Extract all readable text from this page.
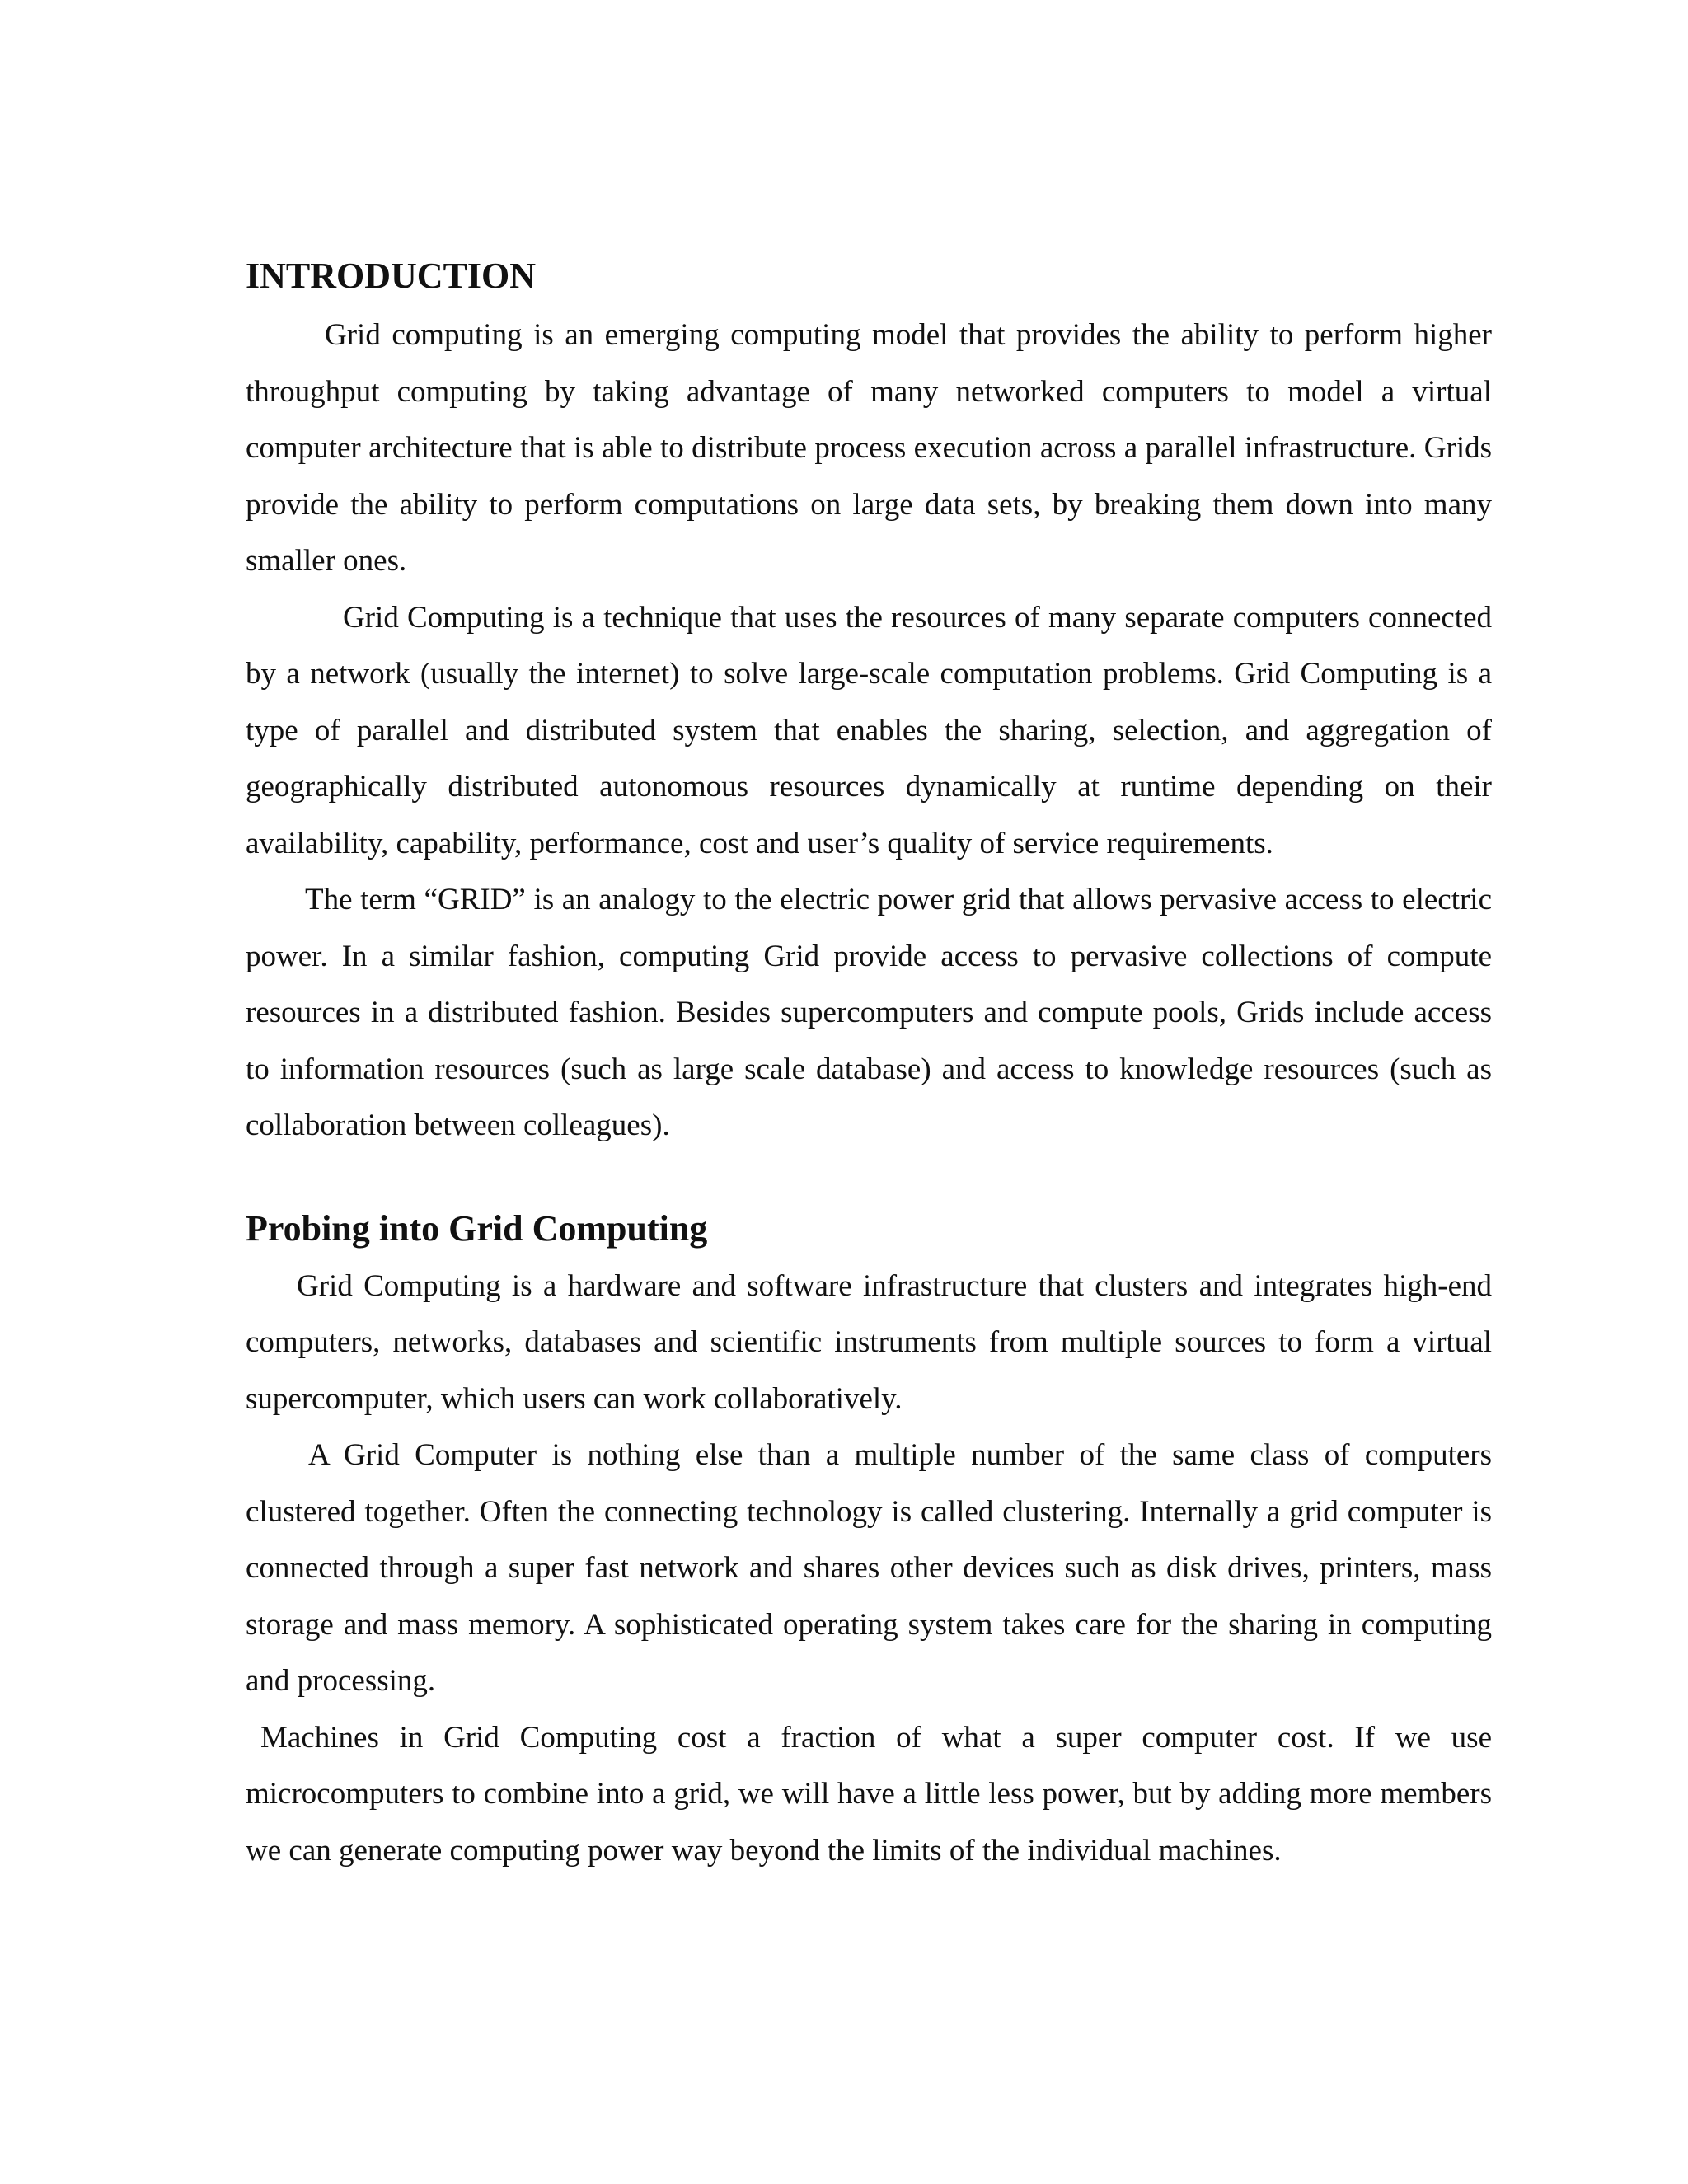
INTRODUCTION

Grid computing is an emerging computing model that provides the ability to perform higher throughput computing by taking advantage of many networked computers to model a virtual computer architecture that is able to distribute process execution across a parallel infrastructure. Grids provide the ability to perform computations on large data sets, by breaking them down into many smaller ones.

Grid Computing is a technique that uses the resources of many separate computers connected by a network (usually the internet) to solve large-scale computation problems. Grid Computing is a type of parallel and distributed system that enables the sharing, selection, and aggregation of geographically distributed autonomous resources dynamically at runtime depending on their availability, capability, performance, cost and user’s quality of service requirements.

The term “GRID” is an analogy to the electric power grid that allows pervasive access to electric power. In a similar fashion, computing Grid provide access to pervasive collections of compute resources in a distributed fashion. Besides supercomputers and compute pools, Grids include access to information resources (such as large scale database) and access to knowledge resources (such as collaboration between colleagues).

Probing into Grid Computing

Grid Computing is a hardware and software infrastructure that clusters and integrates high-end computers, networks, databases and scientific instruments from multiple sources to form a virtual supercomputer, which users can work collaboratively.

A Grid Computer is nothing else than a multiple number of the same class of computers clustered together. Often the connecting technology is called clustering. Internally a grid computer is connected through a super fast network and shares other devices such as disk drives, printers, mass storage and mass memory. A sophisticated operating system takes care for the sharing in computing and processing.

Machines in Grid Computing cost a fraction of what a super computer cost. If we use microcomputers to combine into a grid, we will have a little less power, but by adding more members we can generate computing power way beyond the limits of the individual machines.
